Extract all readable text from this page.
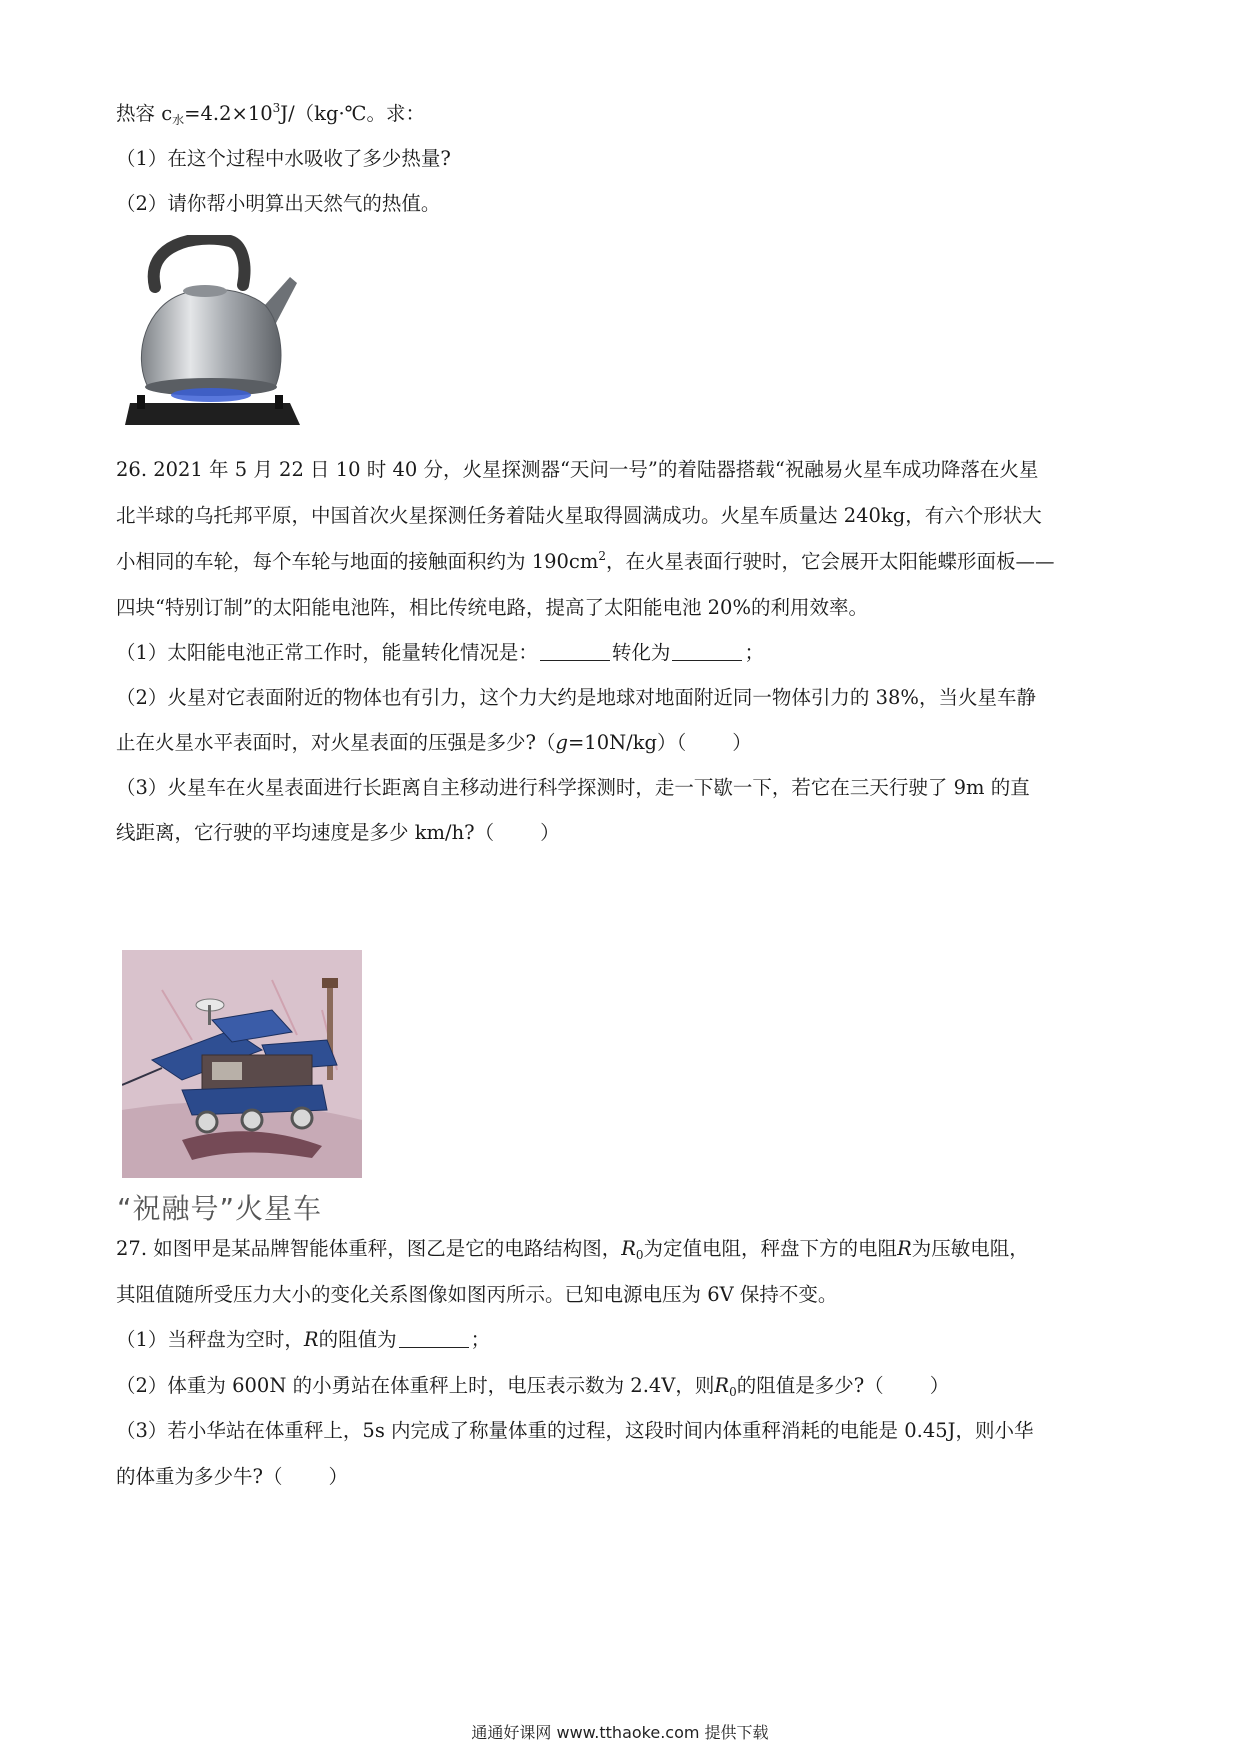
热容 $c_水=4.2\times 10^3J/(kg\cdot℃$。求：
（1）在这个过程中水吸收了多少热量?
（2）请你帮小明算出天然气的热值。
26. 2021 年 5 月 22 日 10 时 40 分，火星探测器“天问一号”的着陆器搭载“祝融易火星车成功降落在火星
北半球的乌托邦平原，中国首次火星探测任务着陆火星取得圆满成功。火星车质量达 240kg，有六个形状大
小相同的车轮，每个车轮与地面的接触面积约为 $190cm^2$，在火星表面行驶时，它会展开太阳能蝶形面板——
四块“特别订制”的太阳能电池阵，相比传统电路，提高了太阳能电池 20%的利用效率。
（1）太阳能电池正常工作时，能量转化情况是：	转化为	；
（2）火星对它表面附近的物体也有引力，这个力大约是地球对地面附近同一物体引力的 38%，当火星车静
止在火星水平表面时，对火星表面的压强是多少?（g=10N/kg）（ ）
（3）火星车在火星表面进行长距离自主移动进行科学探测时，走一下歇一下，若它在三天行驶了 9m 的直
线距离，它行驶的平均速度是多少 km/h?（ ）
“祝融号”火星车
27. 如图甲是某品牌智能体重秤，图乙是它的电路结构图，$R_0$为定值电阻，秤盘下方的电阻R为压敏电阻，
其阻值随所受压力大小的变化关系图像如图丙所示。已知电源电压为 6V 保持不变。
（1）当秤盘为空时，R的阻值为	；
（2）体重为 600N 的小勇站在体重秤上时，电压表示数为 2.4V，则$R_0$的阻值是多少?（ ）
（3）若小华站在体重秤上，5s 内完成了称量体重的过程，这段时间内体重秤消耗的电能是 0.45J，则小华
的体重为多少牛?（ ）
通通好课网 www.tthaoke.com 提供下载
